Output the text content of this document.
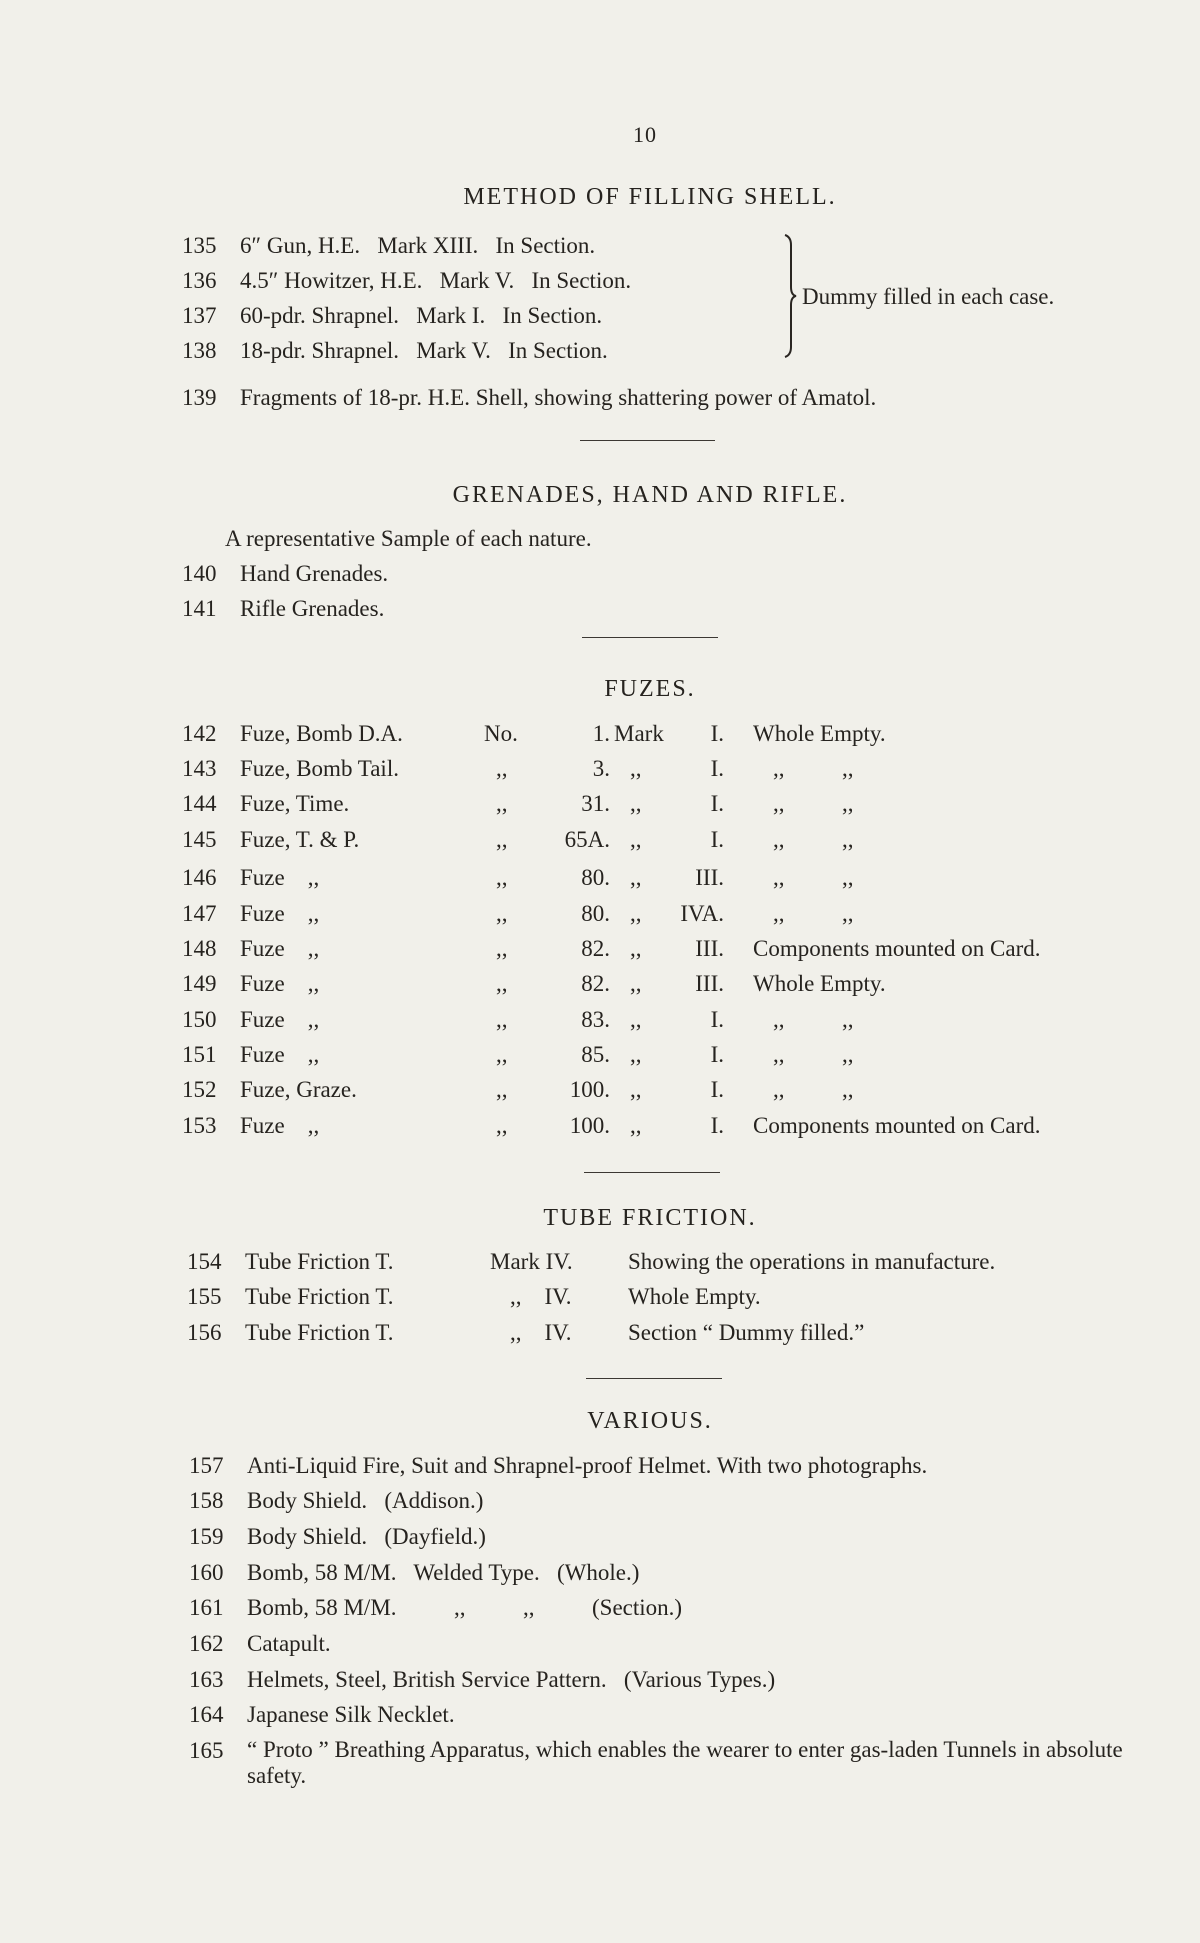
10
METHOD OF FILLING SHELL.
135 6″ Gun, H.E.   Mark XIII.   In Section.
136 4.5″ Howitzer, H.E.   Mark V.   In Section.
137 60-pdr. Shrapnel.   Mark I.   In Section.
138 18-pdr. Shrapnel.   Mark V.   In Section.
Dummy filled in each case.
139 Fragments of 18-pr. H.E. Shell, showing shattering power of Amatol.
GRENADES, HAND AND RIFLE.
A representative Sample of each nature.
140 Hand Grenades.
141 Rifle Grenades.
FUZES.
142 Fuze, Bomb D.A.	No.	1. Mark	I. Whole Empty.
143 Fuze, Bomb Tail.	,,	3. ,,	I. ,,          ,,
144 Fuze, Time.	,,	31. ,,	I. ,,          ,,
145 Fuze, T. & P.	,,	65A. ,,	I. ,,          ,,
146 Fuze    ,,	,,	80. ,,	III. ,,          ,,
147 Fuze    ,,	,,	80. ,,	IVA. ,,          ,,
148 Fuze    ,,	,,	82. ,,	III. Components mounted on Card.
149 Fuze    ,,	,,	82. ,,	III. Whole Empty.
150 Fuze    ,,	,,	83. ,,	I. ,,          ,,
151 Fuze    ,,	,,	85. ,,	I. ,,          ,,
152 Fuze, Graze.	,,	100. ,,	I. ,,          ,,
153 Fuze    ,,	,,	100. ,,	I. Components mounted on Card.
TUBE FRICTION.
154 Tube Friction T.	Mark IV. Showing the operations in manufacture.
155 Tube Friction T.	,,    IV. Whole Empty.
156 Tube Friction T.	,,    IV. Section “ Dummy filled.”
VARIOUS.
157 Anti-Liquid Fire, Suit and Shrapnel-proof Helmet. With two photographs.
158 Body Shield.   (Addison.)
159 Body Shield.   (Dayfield.)
160 Bomb, 58 M/M.   Welded Type.   (Whole.)
161 Bomb, 58 M/M.          ,,          ,,          (Section.)
162 Catapult.
163 Helmets, Steel, British Service Pattern.   (Various Types.)
164 Japanese Silk Necklet.
165	“ Proto ” Breathing Apparatus, which enables the wearer to enter gas-laden Tunnels in absolute safety.
